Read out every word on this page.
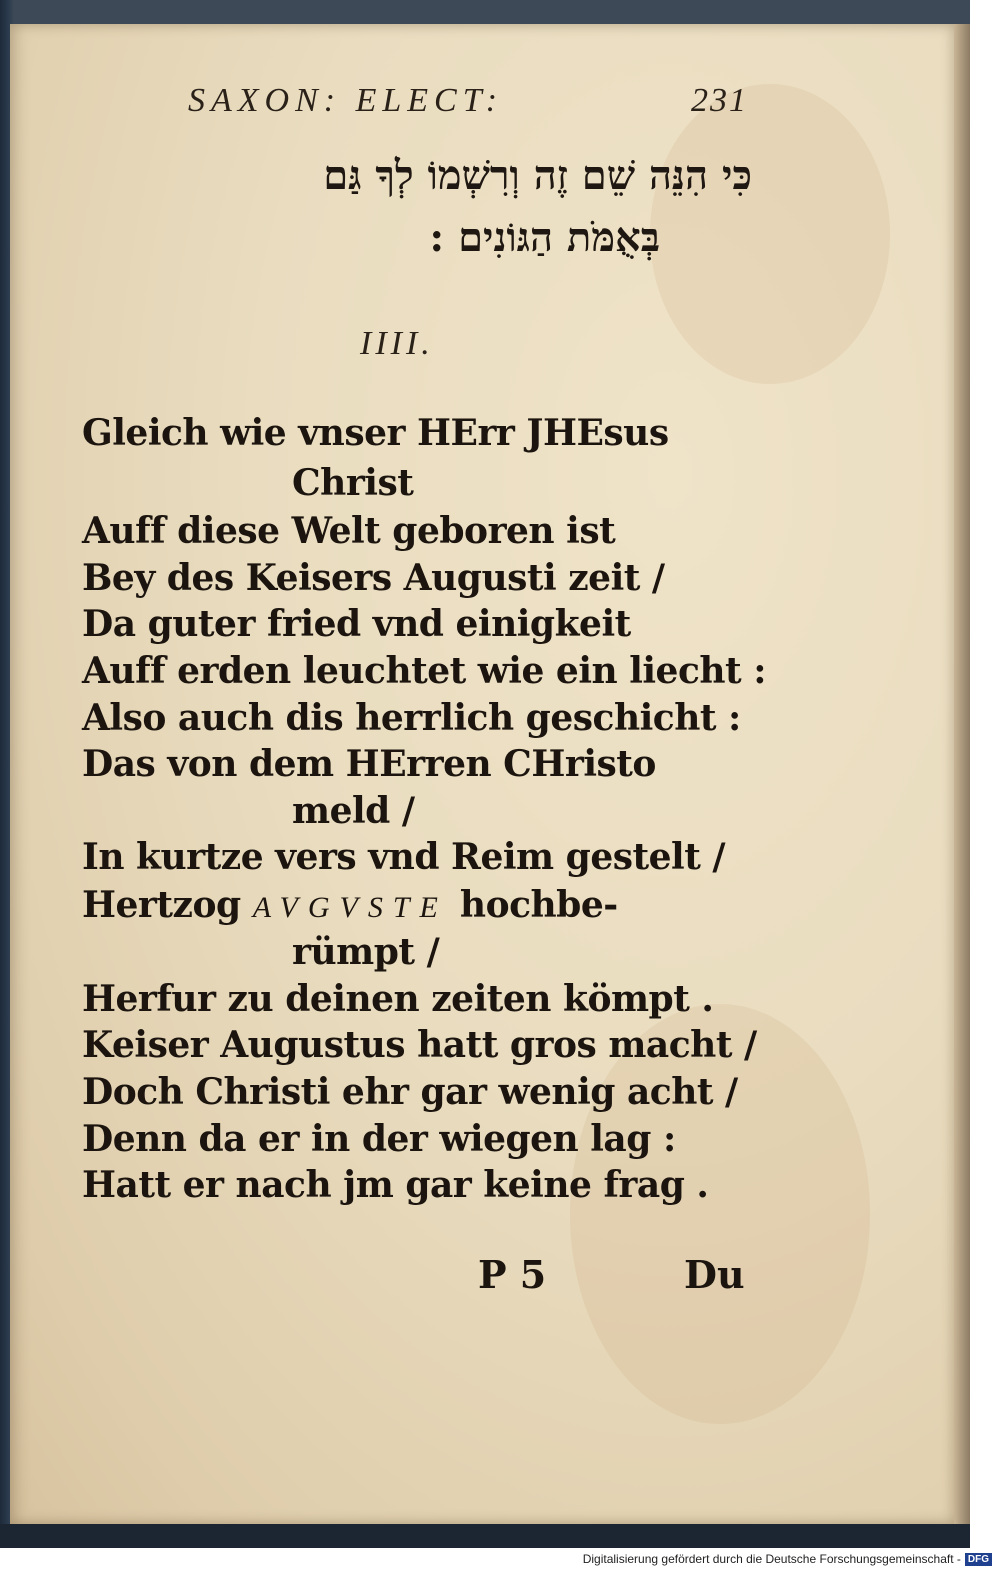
SAXON: ELECT:	231
כִּי הִנֵּה שֵׁם זֶה וְרִשְׁמוֹ לְךָ גַּם
בְּאֻמֹּת הַגּוֹנִים :
IIII.
Gleich wie vnser HErr JHEsus
Christ
Auff diese Welt geboren ist
Bey des Keisers Augusti zeit /
Da guter fried vnd einigkeit
Auff erden leuchtet wie ein liecht :
Also auch dis herrlich geschicht :
Das von dem HErren CHristo
meld /
In kurtze vers vnd Reim gestelt /
Hertzog AVGVSTE hochbe-
rümpt /
Herfur zu deinen zeiten kömpt .
Keiser Augustus hatt gros macht /
Doch Christi ehr gar wenig acht /
Denn da er in der wiegen lag :
Hatt er nach jm gar keine frag .
P 5	Du
Digitalisierung gefördert durch die Deutsche Forschungsgemeinschaft - DFG
